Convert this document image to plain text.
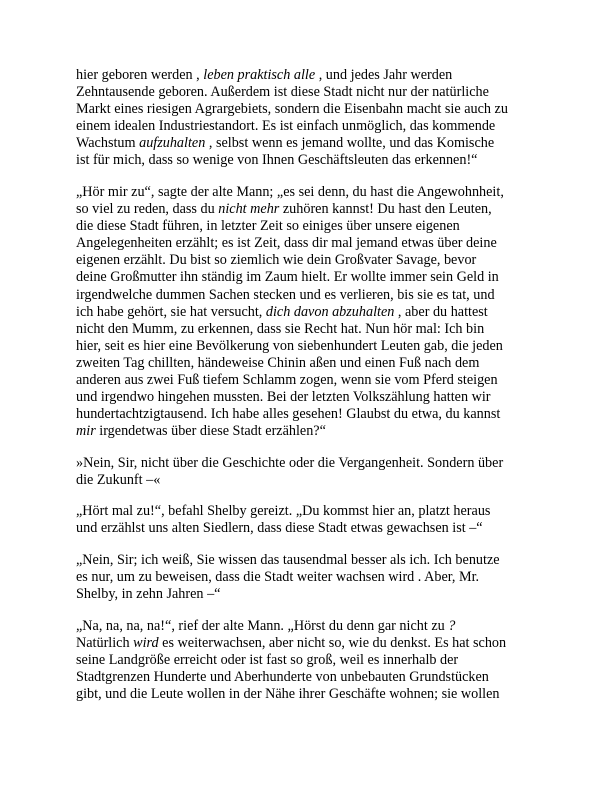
hier geboren werden , leben praktisch alle , und jedes Jahr werden
Zehntausende geboren. Außerdem ist diese Stadt nicht nur der natürliche
Markt eines riesigen Agrargebiets, sondern die Eisenbahn macht sie auch zu
einem idealen Industriestandort. Es ist einfach unmöglich, das kommende
Wachstum aufzuhalten , selbst wenn es jemand wollte, und das Komische
ist für mich, dass so wenige von Ihnen Geschäftsleuten das erkennen!“

„Hör mir zu“, sagte der alte Mann; „es sei denn, du hast die Angewohnheit,
so viel zu reden, dass du nicht mehr zuhören kannst! Du hast den Leuten,
die diese Stadt führen, in letzter Zeit so einiges über unsere eigenen
Angelegenheiten erzählt; es ist Zeit, dass dir mal jemand etwas über deine
eigenen erzählt. Du bist so ziemlich wie dein Großvater Savage, bevor
deine Großmutter ihn ständig im Zaum hielt. Er wollte immer sein Geld in
irgendwelche dummen Sachen stecken und es verlieren, bis sie es tat, und
ich habe gehört, sie hat versucht, dich davon abzuhalten , aber du hattest
nicht den Mumm, zu erkennen, dass sie Recht hat. Nun hör mal: Ich bin
hier, seit es hier eine Bevölkerung von siebenhundert Leuten gab, die jeden
zweiten Tag chillten, händeweise Chinin aßen und einen Fuß nach dem
anderen aus zwei Fuß tiefem Schlamm zogen, wenn sie vom Pferd steigen
und irgendwo hingehen mussten. Bei der letzten Volkszählung hatten wir
hundertachtzigtausend. Ich habe alles gesehen! Glaubst du etwa, du kannst
mir irgendetwas über diese Stadt erzählen?“

»Nein, Sir, nicht über die Geschichte oder die Vergangenheit. Sondern über
die Zukunft –«

„Hört mal zu!“, befahl Shelby gereizt. „Du kommst hier an, platzt heraus
und erzählst uns alten Siedlern, dass diese Stadt etwas gewachsen ist –“

„Nein, Sir; ich weiß, Sie wissen das tausendmal besser als ich. Ich benutze
es nur, um zu beweisen, dass die Stadt weiter wachsen wird . Aber, Mr.
Shelby, in zehn Jahren –“

„Na, na, na, na!“, rief der alte Mann. „Hörst du denn gar nicht zu ?
Natürlich wird es weiterwachsen, aber nicht so, wie du denkst. Es hat schon
seine Landgröße erreicht oder ist fast so groß, weil es innerhalb der
Stadtgrenzen Hunderte und Aberhunderte von unbebauten Grundstücken
gibt, und die Leute wollen in der Nähe ihrer Geschäfte wohnen; sie wollen
